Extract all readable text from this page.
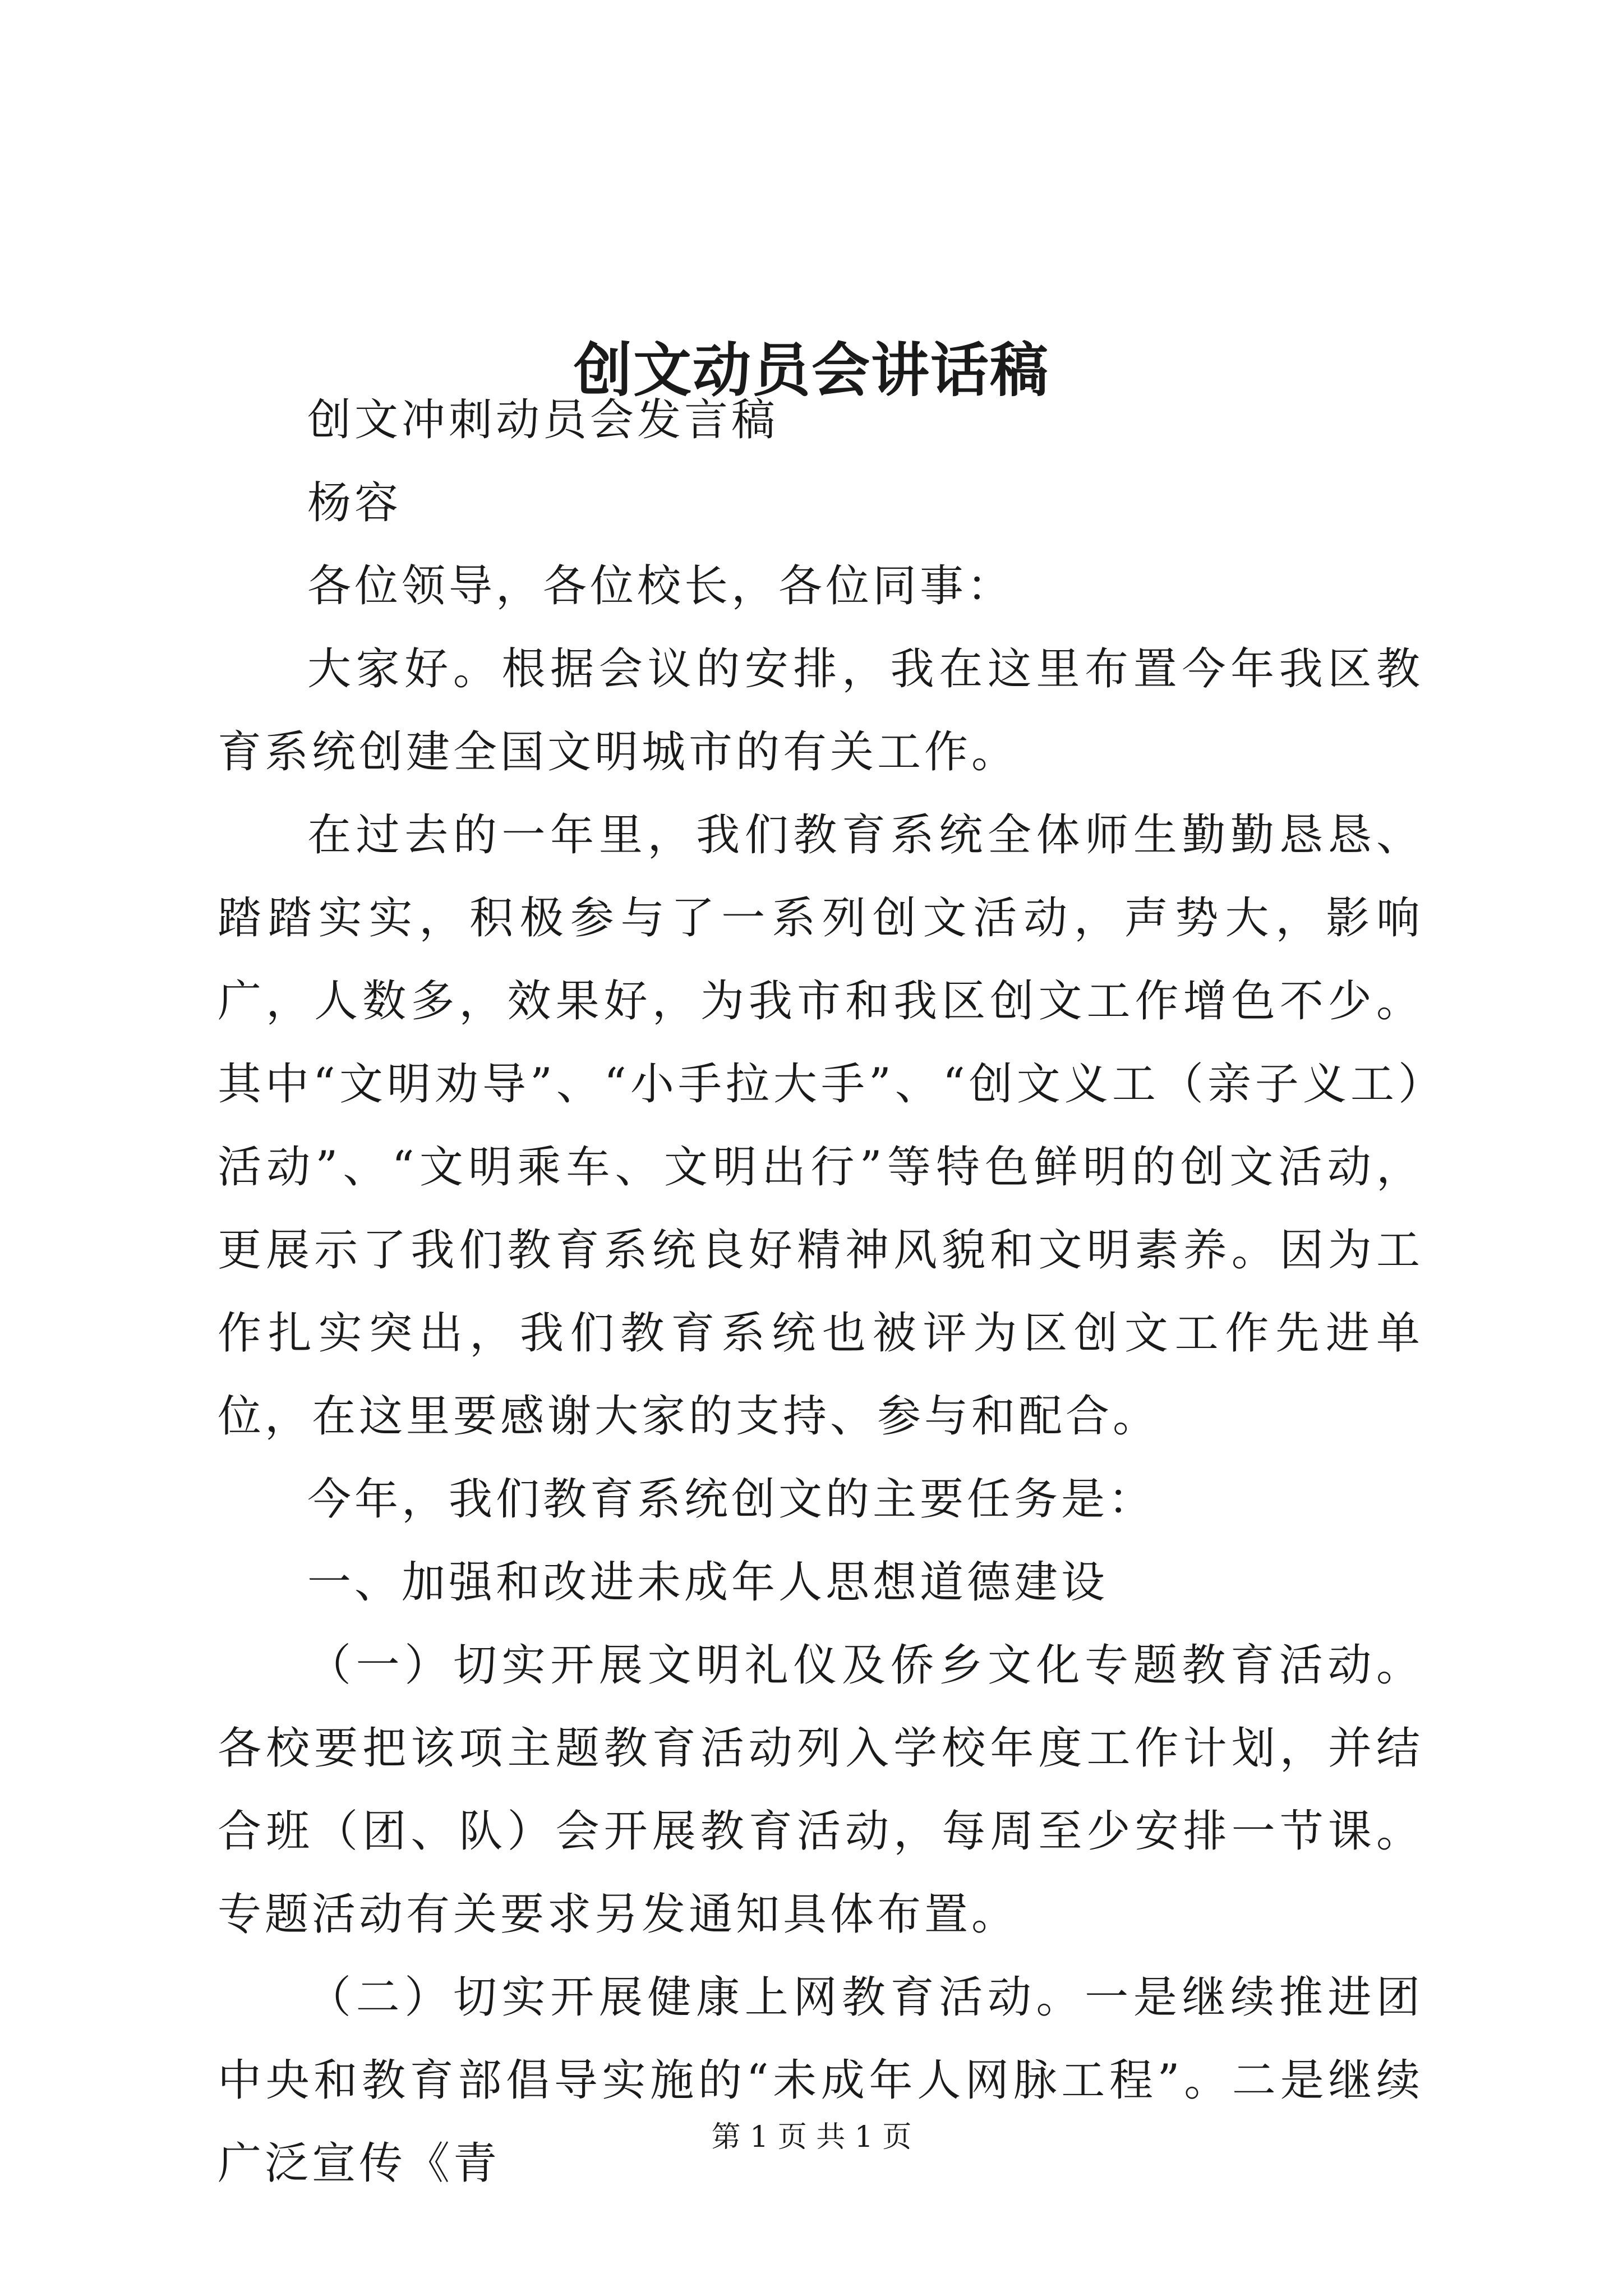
创文动员会讲话稿

创文冲刺动员会发言稿

杨容

各位领导，各位校长，各位同事：

大家好。根据会议的安排，我在这里布置今年我区教育系统创建全国文明城市的有关工作。

在过去的一年里，我们教育系统全体师生勤勤恳恳、踏踏实实，积极参与了一系列创文活动，声势大，影响广，人数多，效果好，为我市和我区创文工作增色不少。其中“文明劝导”、“小手拉大手”、“创文义工（亲子义工）活动”、“文明乘车、文明出行”等特色鲜明的创文活动，更展示了我们教育系统良好精神风貌和文明素养。因为工作扎实突出，我们教育系统也被评为区创文工作先进单位，在这里要感谢大家的支持、参与和配合。

今年，我们教育系统创文的主要任务是：

一、加强和改进未成年人思想道德建设

（一）切实开展文明礼仪及侨乡文化专题教育活动。各校要把该项主题教育活动列入学校年度工作计划，并结合班（团、队）会开展教育活动，每周至少安排一节课。专题活动有关要求另发通知具体布置。

（二）切实开展健康上网教育活动。一是继续推进团中央和教育部倡导实施的“未成年人网脉工程”。二是继续广泛宣传《青

第 1 页 共 1 页
